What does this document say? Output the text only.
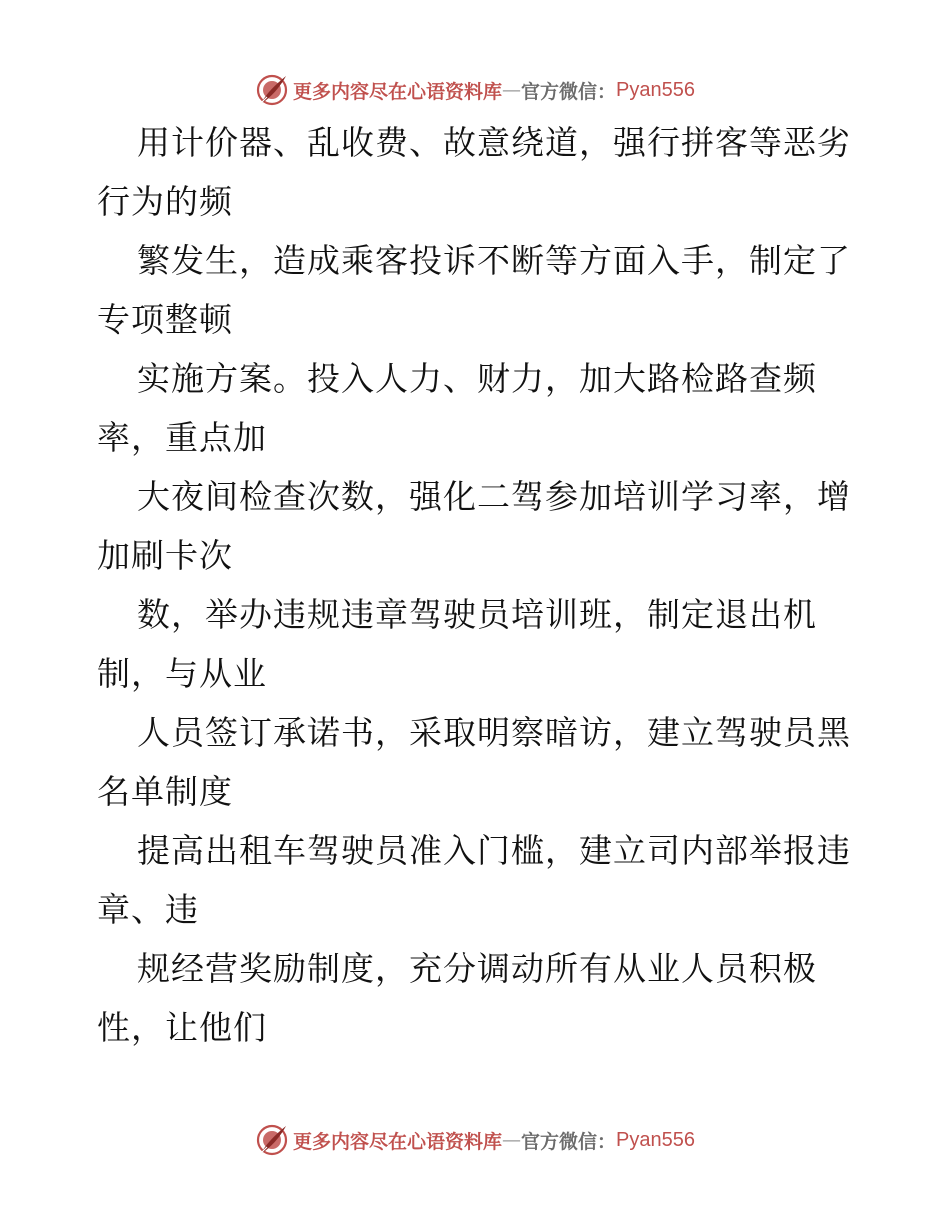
更多内容尽在心语资料库 — 官方微信： Pyan556
用计价器、乱收费、故意绕道，强行拼客等恶劣
行为的频
繁发生，造成乘客投诉不断等方面入手，制定了
专项整顿
实施方案。投入人力、财力，加大路检路查频
率，重点加
大夜间检查次数，强化二驾参加培训学习率，增
加刷卡次
数，举办违规违章驾驶员培训班，制定退出机
制，与从业
人员签订承诺书，采取明察暗访，建立驾驶员黑
名单制度
提高出租车驾驶员准入门槛，建立司内部举报违
章、违
规经营奖励制度，充分调动所有从业人员积极
性，让他们
更多内容尽在心语资料库 — 官方微信： Pyan556
